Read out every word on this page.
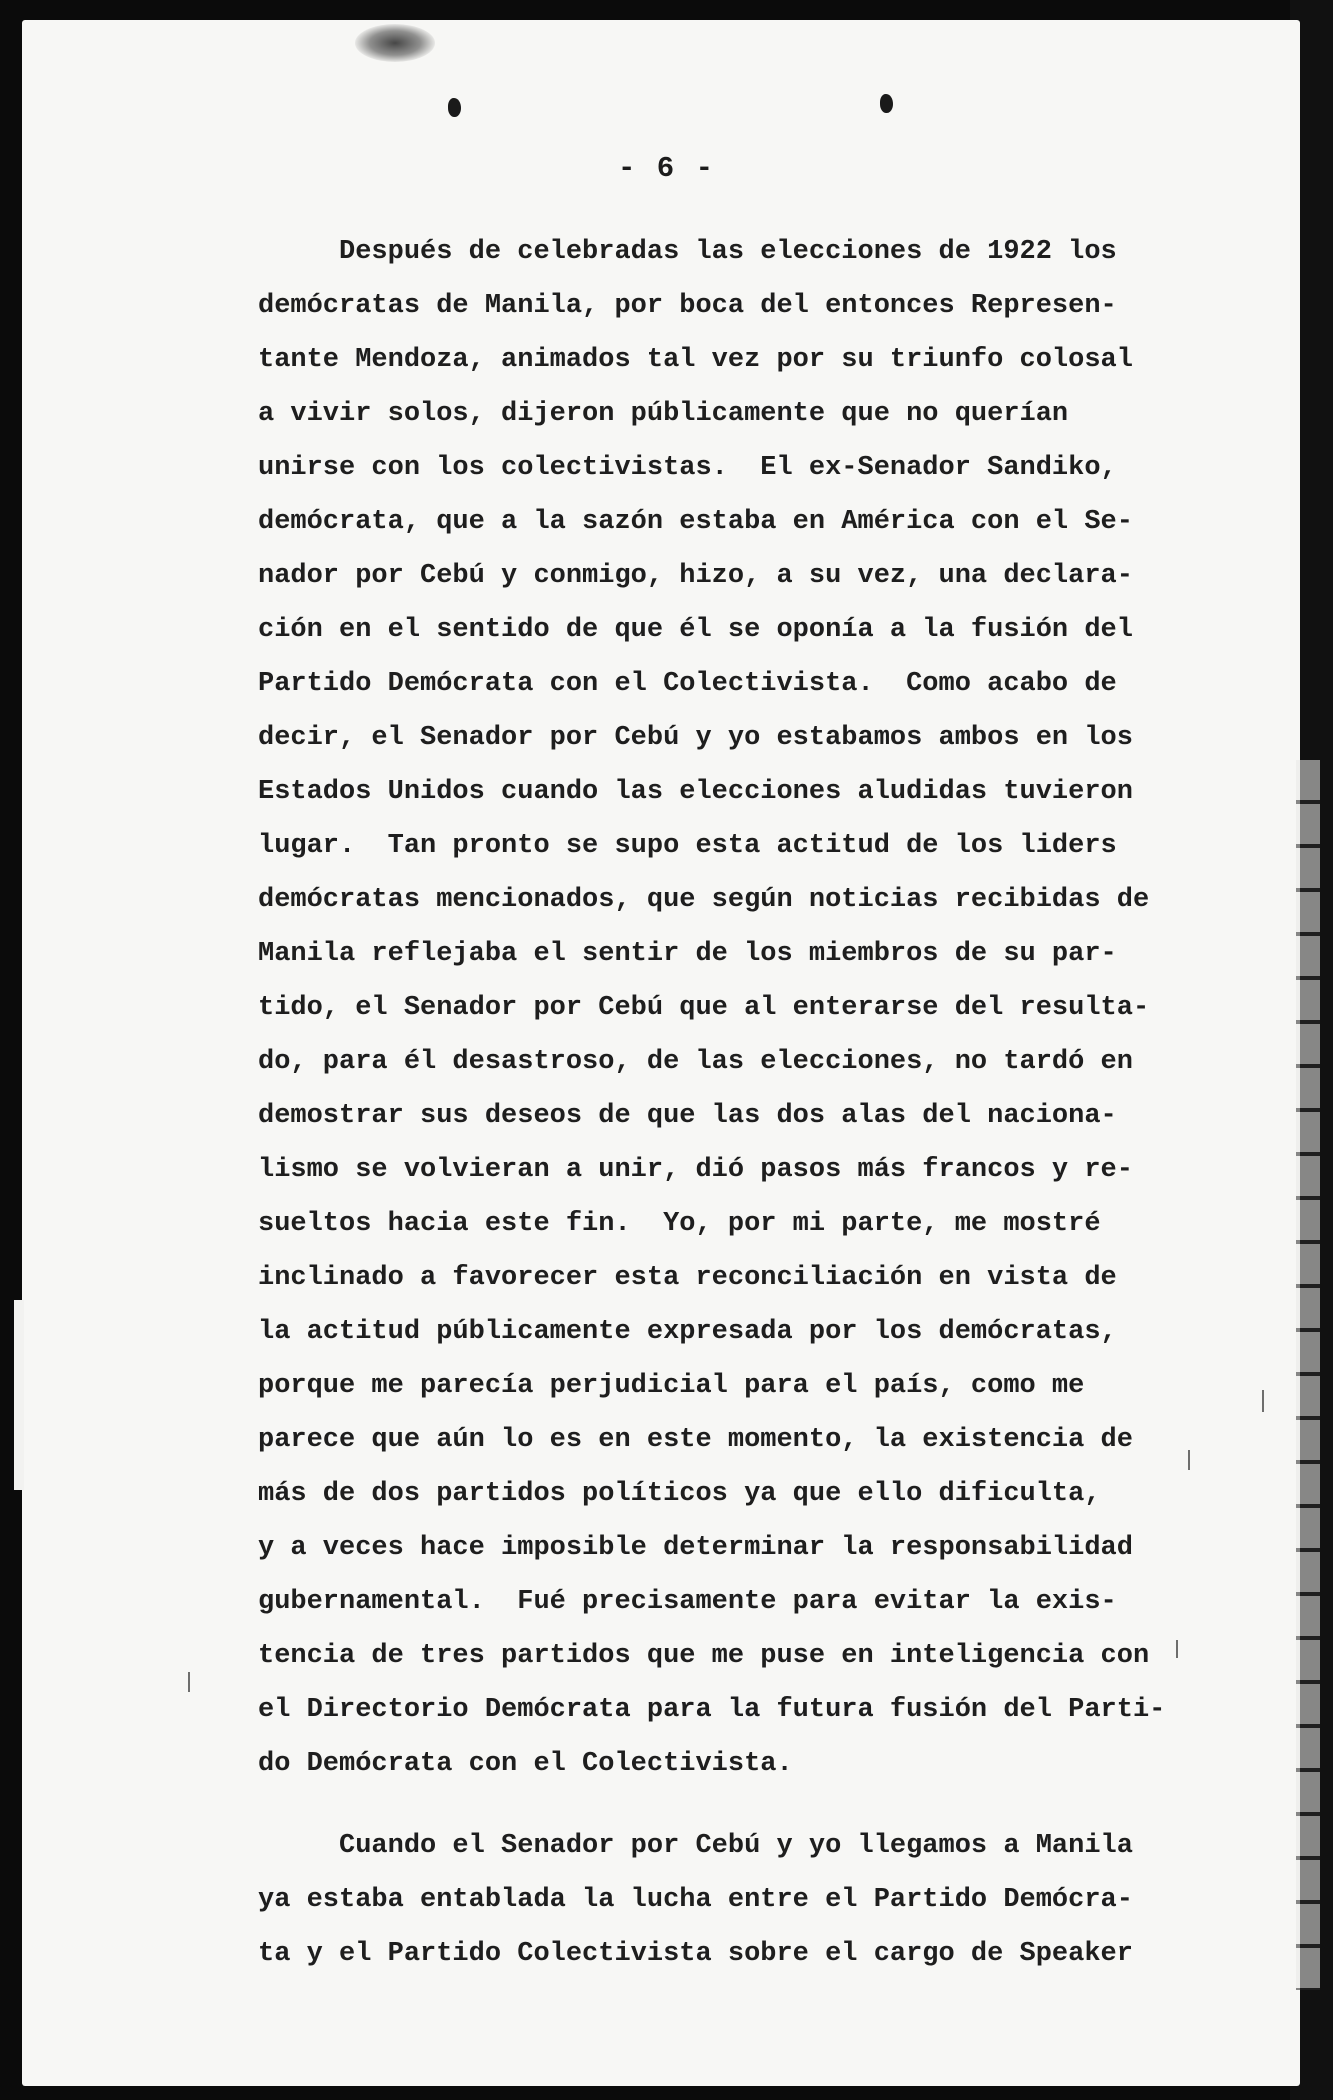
- 6 -
Después de celebradas las elecciones de 1922 los
demócratas de Manila, por boca del entonces Represen-
tante Mendoza, animados tal vez por su triunfo colosal
a vivir solos, dijeron públicamente que no querían
unirse con los colectivistas.  El ex-Senador Sandiko,
demócrata, que a la sazón estaba en América con el Se-
nador por Cebú y conmigo, hizo, a su vez, una declara-
ción en el sentido de que él se oponía a la fusión del
Partido Demócrata con el Colectivista.  Como acabo de
decir, el Senador por Cebú y yo estabamos ambos en los
Estados Unidos cuando las elecciones aludidas tuvieron
lugar.  Tan pronto se supo esta actitud de los liders
demócratas mencionados, que según noticias recibidas de
Manila reflejaba el sentir de los miembros de su par-
tido, el Senador por Cebú que al enterarse del resulta-
do, para él desastroso, de las elecciones, no tardó en
demostrar sus deseos de que las dos alas del naciona-
lismo se volvieran a unir, dió pasos más francos y re-
sueltos hacia este fin.  Yo, por mi parte, me mostré
inclinado a favorecer esta reconciliación en vista de
la actitud públicamente expresada por los demócratas,
porque me parecía perjudicial para el país, como me
parece que aún lo es en este momento, la existencia de
más de dos partidos políticos ya que ello dificulta,
y a veces hace imposible determinar la responsabilidad
gubernamental.  Fué precisamente para evitar la exis-
tencia de tres partidos que me puse en inteligencia con
el Directorio Demócrata para la futura fusión del Parti-
do Demócrata con el Colectivista.
Cuando el Senador por Cebú y yo llegamos a Manila
ya estaba entablada la lucha entre el Partido Demócra-
ta y el Partido Colectivista sobre el cargo de Speaker
